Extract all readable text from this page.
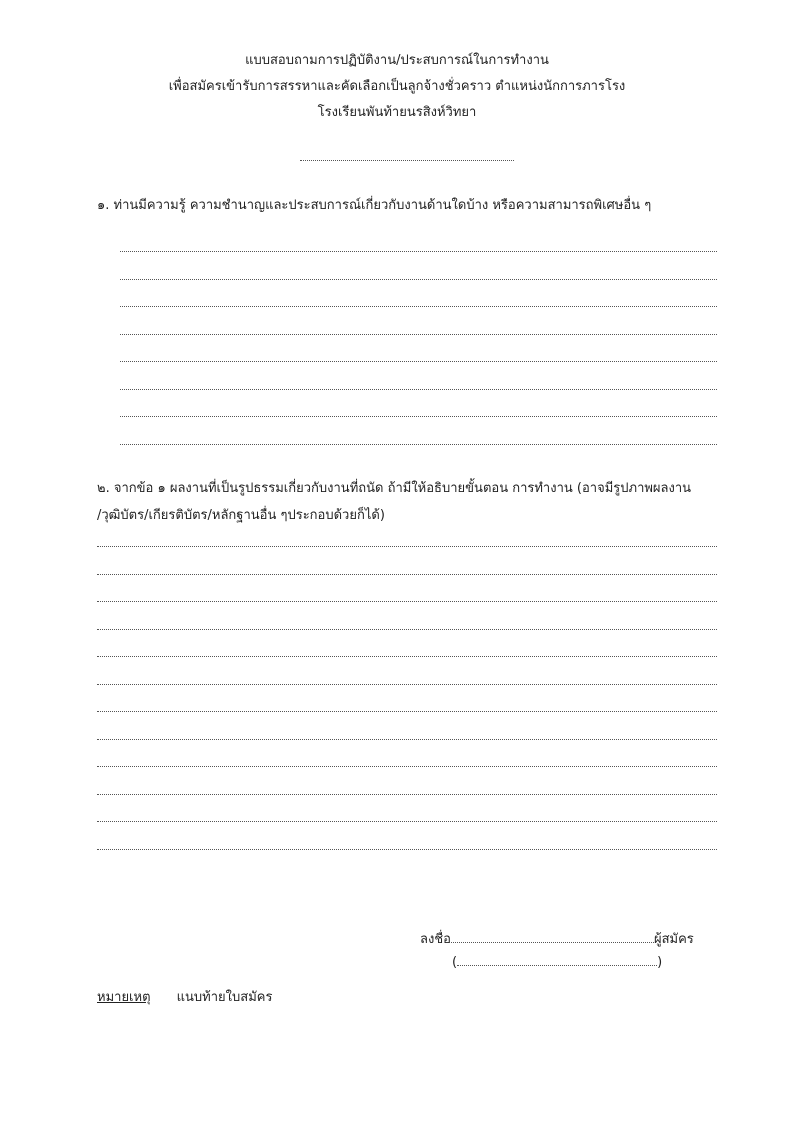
แบบสอบถามการปฏิบัติงาน/ประสบการณ์ในการทำงาน
เพื่อสมัครเข้ารับการสรรหาและคัดเลือกเป็นลูกจ้างชั่วคราว ตำแหน่งนักการภารโรง
โรงเรียนพันท้ายนรสิงห์วิทยา
๑. ท่านมีความรู้ ความชำนาญและประสบการณ์เกี่ยวกับงานด้านใดบ้าง หรือความสามารถพิเศษอื่น ๆ
๒. จากข้อ ๑ ผลงานที่เป็นรูปธรรมเกี่ยวกับงานที่ถนัด ถ้ามีให้อธิบายขั้นตอน การทำงาน (อาจมีรูปภาพผลงาน
/วุฒิบัตร/เกียรติบัตร/หลักฐานอื่น ๆประกอบด้วยก็ได้)
ลงชื่อ	ผู้สมัคร
(	)
หมายเหตุ แนบท้ายใบสมัคร
